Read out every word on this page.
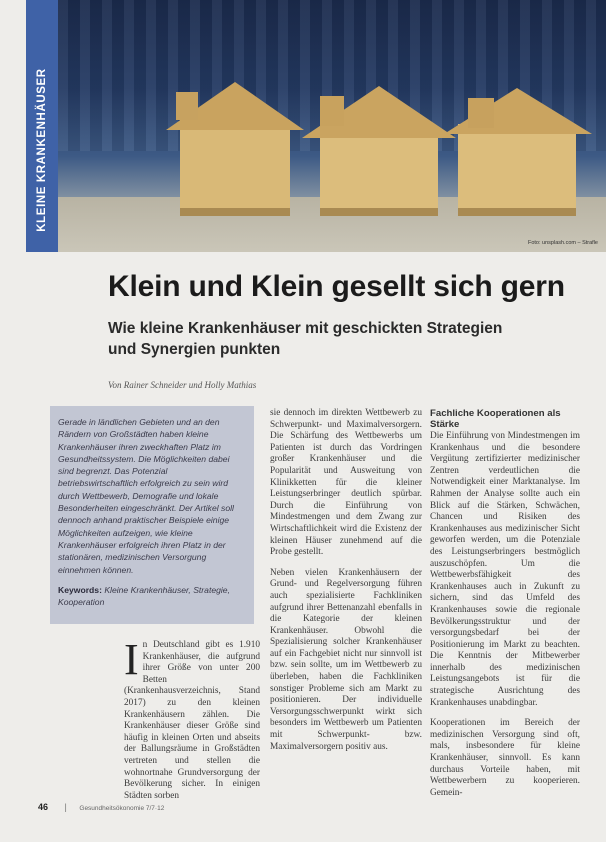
KLEINE KRANKENHÄUSER
Foto: unsplash.com – Strafle
Klein und Klein gesellt sich gern
Wie kleine Krankenhäuser mit geschickten Strategien und Synergien punkten
Von Rainer Schneider und Holly Mathias

Gerade in ländlichen Gebieten und an den Rändern von Großstädten haben kleine Krankenhäuser ihren zweckhaften Platz im Gesundheitssystem. Die Möglichkeiten dabei sind begrenzt. Das Potenzial betriebswirtschaftlich erfolgreich zu sein wird durch Wettbewerb, Demografie und lokale Besonderheiten eingeschränkt. Der Artikel soll dennoch anhand praktischer Beispiele einige Möglichkeiten aufzeigen, wie kleine Krankenhäuser erfolgreich ihren Platz in der stationären, medizinischen Versorgung einnehmen können.

Keywords: Kleine Krankenhäuser, Strategie, Kooperation

I n Deutschland gibt es 1.910 Krankenhäuser, die aufgrund ihrer Größe von unter 200 Betten (Krankenhausverzeichnis, Stand 2017) zu den kleinen Krankenhäusern zählen. Die Krankenhäuser dieser Größe sind häufig in kleinen Orten und abseits der Ballungsräume in Großstädten vertreten und stellen die wohnortnahe Grundversorgung der Bevölkerung sicher. In einigen Städten sorben

sie dennoch im direkten Wettbewerb zu Schwerpunkt- und Maximalversorgern. Die Schärfung des Wettbewerbs um Patienten ist durch das Vordringen großer Krankenhäuser und die Popularität und Ausweitung von Klinikketten für die kleiner Leistungserbringer deutlich spürbar. Durch die Einführung von Mindestmengen und dem Zwang zur Wirtschaftlichkeit wird die Existenz der kleinen Häuser zunehmend auf die Probe gestellt.

Neben vielen Krankenhäusern der Grund- und Regelversorgung führen auch spezialisierte Fachkliniken aufgrund ihrer Bettenanzahl ebenfalls in die Kategorie der kleinen Krankenhäuser. Obwohl die Spezialisierung solcher Krankenhäuser auf ein Fachgebiet nicht nur sinnvoll ist bzw. sein sollte, um im Wettbewerb zu überleben, haben die Fachkliniken sonstiger Probleme sich am Markt zu positionieren. Der individuelle Versorgungsschwerpunkt wirkt sich besonders im Wettbewerb um Patienten mit Schwerpunkt- bzw. Maximalversorgern positiv aus.

Fachliche Kooperationen als Stärke

Die Einführung von Mindestmengen im Krankenhaus und die besondere Vergütung zertifizierter medizinischer Zentren verdeutlichen die Notwendigkeit einer Marktanalyse. Im Rahmen der Analyse sollte auch ein Blick auf die Stärken, Schwächen, Chancen und Risiken des Krankenhauses aus medizinischer Sicht geworfen werden, um die Potenziale des Leistungserbringers bestmöglich auszuschöpfen. Um die Wettbewerbsfähigkeit des Krankenhauses auch in Zukunft zu sichern, sind das Umfeld des Krankenhauses sowie die regionale Bevölkerungsstruktur und der versorgungsbedarf bei der Positionierung im Markt zu beachten. Die Kenntnis der Mitbewerber innerhalb des medizinischen Leistungsangebots ist für die strategische Ausrichtung des Krankenhauses unabdingbar.

Kooperationen im Bereich der medizinischen Versorgung sind oft, mals, insbesondere für kleine Krankenhäuser, sinnvoll. Es kann durchaus Vorteile haben, mit Wettbewerbern zu kooperieren. Gemein-

46 | Gesundheitsökonomie 7/7·12
